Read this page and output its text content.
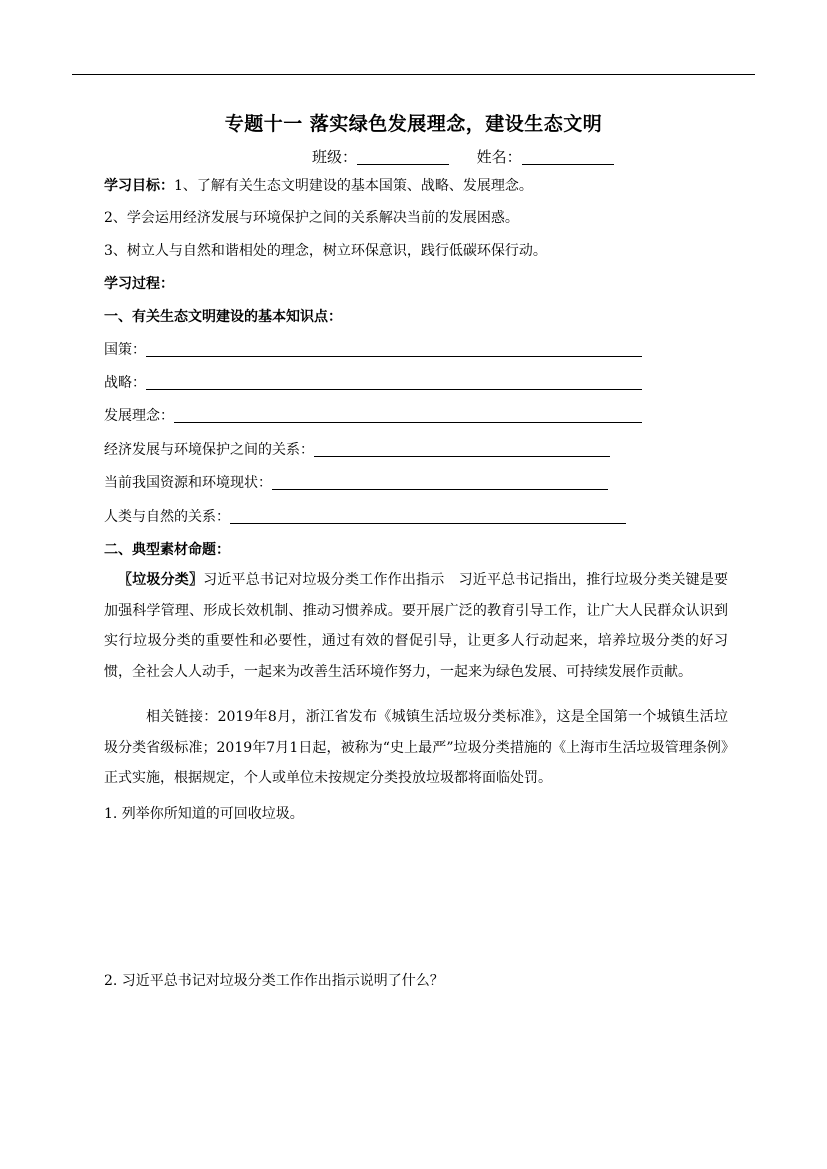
专题十一 落实绿色发展理念，建设生态文明
班级：	姓名：
学习目标：1、了解有关生态文明建设的基本国策、战略、发展理念。
2、学会运用经济发展与环境保护之间的关系解决当前的发展困惑。
3、树立人与自然和谐相处的理念，树立环保意识，践行低碳环保行动。
学习过程：
一、有关生态文明建设的基本知识点：
国策：
战略：
发展理念：
经济发展与环境保护之间的关系：
当前我国资源和环境现状：
人类与自然的关系：
二、典型素材命题：
〖垃圾分类〗习近平总书记对垃圾分类工作作出指示　习近平总书记指出，推行垃圾分类关键是要加强科学管理、形成长效机制、推动习惯养成。要开展广泛的教育引导工作，让广大人民群众认识到实行垃圾分类的重要性和必要性，通过有效的督促引导，让更多人行动起来，培养垃圾分类的好习惯，全社会人人动手，一起来为改善生活环境作努力，一起来为绿色发展、可持续发展作贡献。
相关链接：2019年8月，浙江省发布《城镇生活垃圾分类标准》，这是全国第一个城镇生活垃圾分类省级标准；2019年7月1日起，被称为“史上最严”垃圾分类措施的《上海市生活垃圾管理条例》正式实施，根据规定，个人或单位未按规定分类投放垃圾都将面临处罚。
1. 列举你所知道的可回收垃圾。
2. 习近平总书记对垃圾分类工作作出指示说明了什么？
